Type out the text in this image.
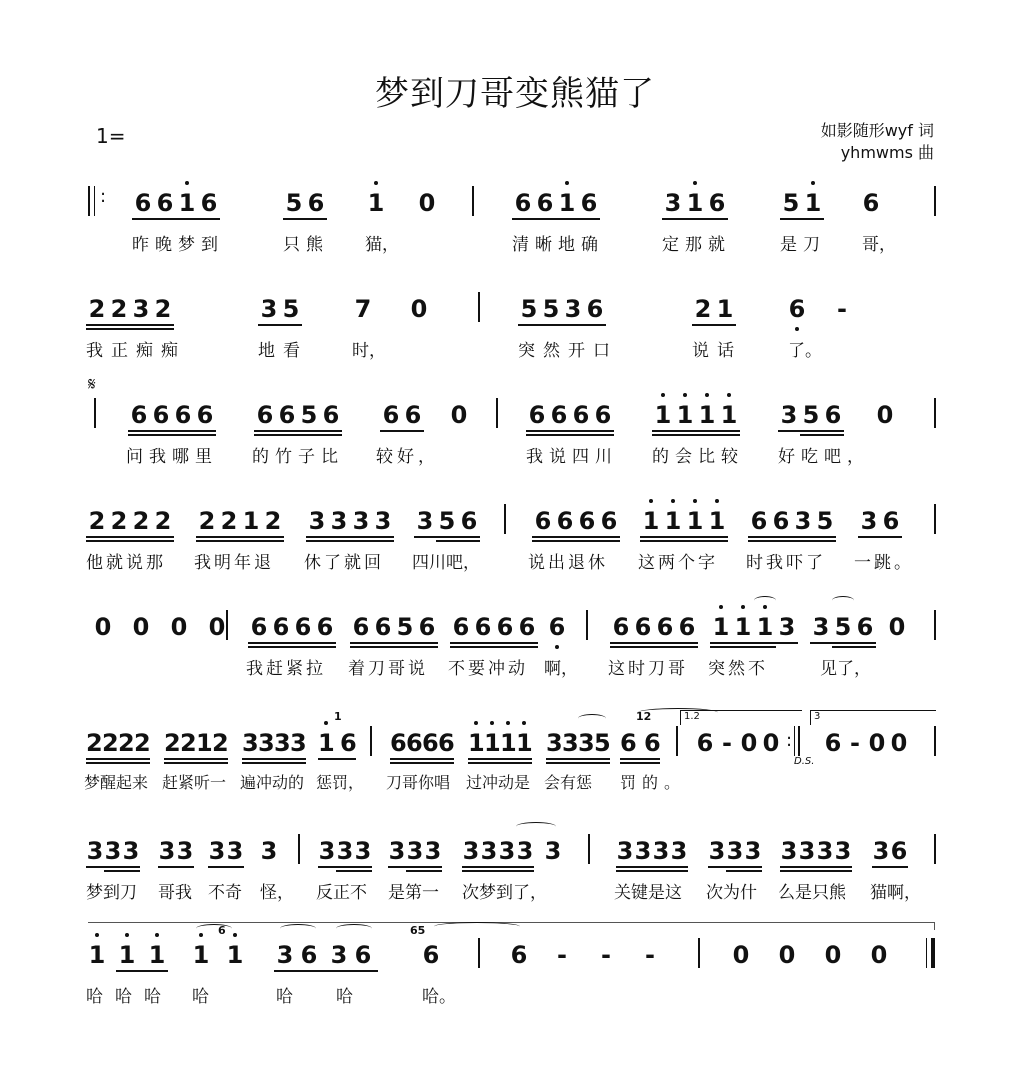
梦到刀哥变熊猫了
1=	如影随形wyf 词
yhmwms 曲
: 6 6 1 6	5 6 1 0	6 6 1 6	3 1 6 5 1 6
昨晚梦到	只熊 猫，	清晰地确	定那就	是刀 哥，
2 2 3 2	3 5 7 0	5 5 3 6	2 1 6 -
我正痴痴	地看	时，	突然开口	说话	了。
𝄋
6 6 6 6 6 6 5 6 6 6 0	6 6 6 6 1 1 1 1 3 5 6 0
问我哪里 的竹子比 较好，	我说四川 的会比较 好吃吧，
2 2 2 2 2 2 1 2 3 3 3 3 3 5 6 6 6 6 6 1 1 1 1 6 6 3 5 3 6
他就说那 我明年退 休了就回 四川吧，	说出退休 这两个字 时我吓了 一跳。
0 0 0 0	6 6 6 6 6 6 5 6 6 6 6 6 6 6 6 6 6 1 1 1 3 3 5 6 0
我赶紧拉 着刀哥说 不要冲动 啊， 这时刀哥 突然不	见了，
2 2 2 2 2 2 1 2 3 3 3 3 1 6
1
6 6 6 6 1 1 1 1 3 3 3 5 6 6
12	1.2
6 - 0 0 :
D.S.
3
6 - 0 0
梦醒起来 赶紧听一 遍冲动的 惩罚， 刀哥你唱 过冲动是 会有惩 罚的。
3 3 3 3 3 3 3 3 3 3 3 3 3 3 3 3 3 3 3 3 3 3 3 3 3 3 3 3 3 3 3 6
梦到刀 哥我 不奇 怪， 反正不 是第一 次梦到了，	关键是这 次为什 么是只熊 猫啊，
1 1 1 1 1
6
3 6 3 6
65
6	6 - - -	0 0 0 0
哈哈哈 哈	哈	哈	哈。
